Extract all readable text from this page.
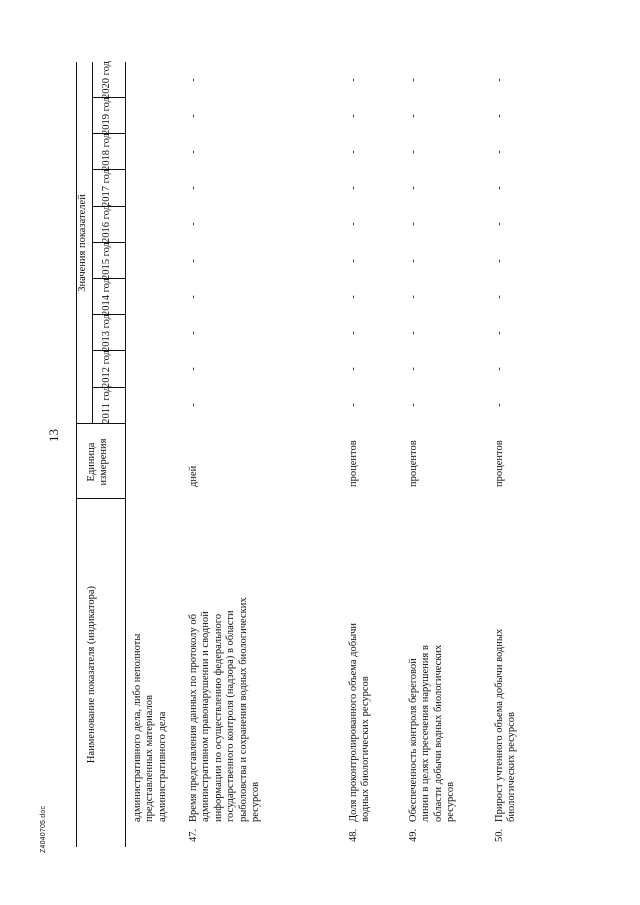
13
Z4040705.doc
Наименование показателя (индикатора)
Единица измерения
Значения показателей
2011 год
2012 год
2013 год
2014 год
2015 год
2016 год
2017 год
2018 год
2019 год
2020 год
административного дела, либо неполноты представленных материалов административного дела
47.
Время представления данных по протоколу об административном правонарушении и сводной информации по осуществлению федерального государственного контроля (надзора) в области рыболовства и сохранения водных биологических ресурсов
дней
-
-
-
-
-
-
-
-
-
-
48.
Доля проконтролированного объема добычи водных биологических ресурсов
процентов
-
-
-
-
-
-
-
-
-
-
49.
Обеспеченность контроля береговой линии в целях пресечения нарушения в области добычи водных биологических ресурсов
процентов
-
-
-
-
-
-
-
-
-
-
50.
Прирост учтенного объема добычи водных биологических ресурсов
процентов
-
-
-
-
-
-
-
-
-
-
